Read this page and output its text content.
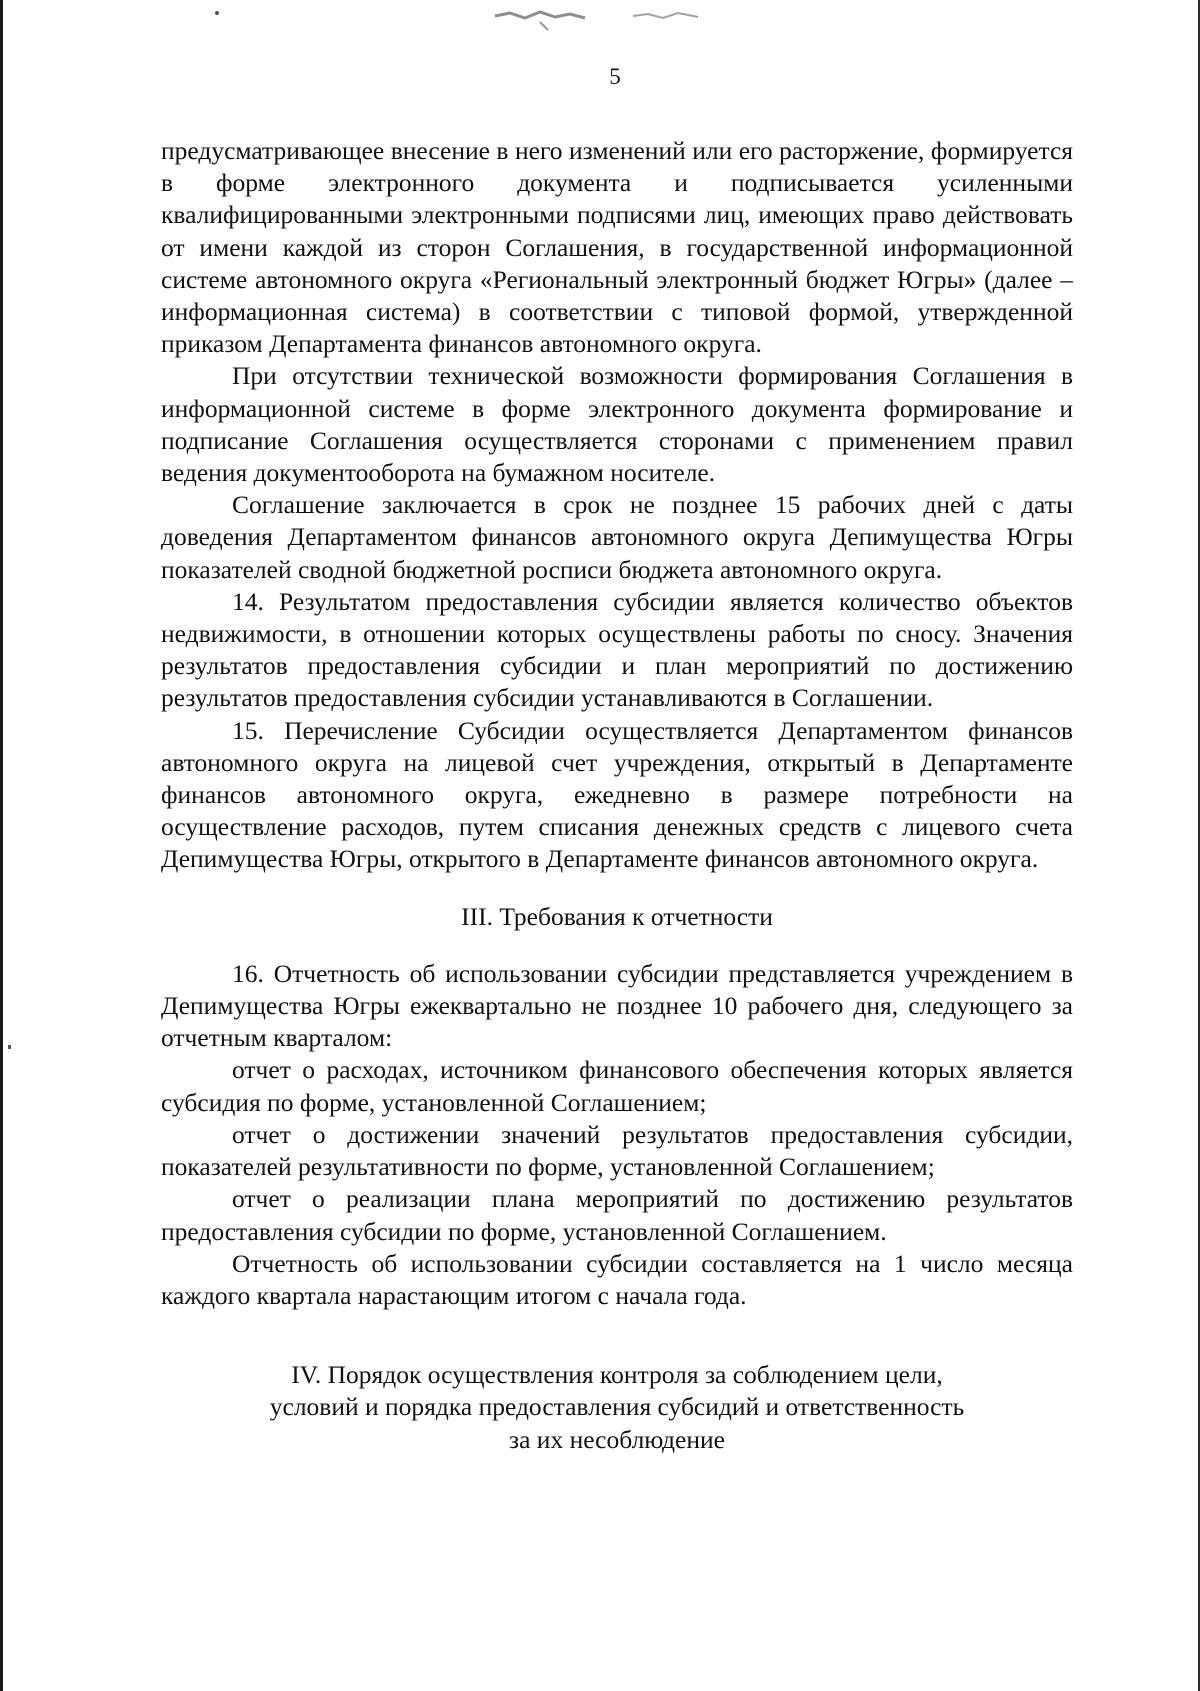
5

предусматривающее внесение в него изменений или его расторжение, формируется в форме электронного документа и подписывается усиленными квалифицированными электронными подписями лиц, имеющих право действовать от имени каждой из сторон Соглашения, в государственной информационной системе автономного округа «Региональный электронный бюджет Югры» (далее – информационная система) в соответствии с типовой формой, утвержденной приказом Департамента финансов автономного округа.

При отсутствии технической возможности формирования Соглашения в информационной системе в форме электронного документа формирование и подписание Соглашения осуществляется сторонами с применением правил ведения документооборота на бумажном носителе.

Соглашение заключается в срок не позднее 15 рабочих дней с даты доведения Департаментом финансов автономного округа Депимущества Югры показателей сводной бюджетной росписи бюджета автономного округа.

14. Результатом предоставления субсидии является количество объектов недвижимости, в отношении которых осуществлены работы по сносу. Значения результатов предоставления субсидии и план мероприятий по достижению результатов предоставления субсидии устанавливаются в Соглашении.

15. Перечисление Субсидии осуществляется Департаментом финансов автономного округа на лицевой счет учреждения, открытый в Департаменте финансов автономного округа, ежедневно в размере потребности на осуществление расходов, путем списания денежных средств с лицевого счета Депимущества Югры, открытого в Департаменте финансов автономного округа.

III. Требования к отчетности

16. Отчетность об использовании субсидии представляется учреждением в Депимущества Югры ежеквартально не позднее 10 рабочего дня, следующего за отчетным кварталом:

отчет о расходах, источником финансового обеспечения которых является субсидия по форме, установленной Соглашением;

отчет о достижении значений результатов предоставления субсидии, показателей результативности по форме, установленной Соглашением;

отчет о реализации плана мероприятий по достижению результатов предоставления субсидии по форме, установленной Соглашением.

Отчетность об использовании субсидии составляется на 1 число месяца каждого квартала нарастающим итогом с начала года.

IV. Порядок осуществления контроля за соблюдением цели,

условий и порядка предоставления субсидий и ответственность

за их несоблюдение
